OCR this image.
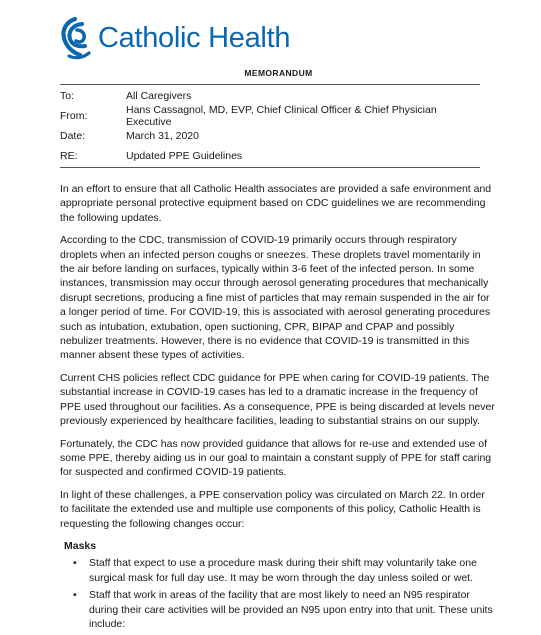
Catholic Health
MEMORANDUM
To:	All Caregivers
From:	Hans Cassagnol, MD, EVP, Chief Clinical Officer & Chief Physician Executive
Date:	March 31, 2020
RE:	Updated PPE Guidelines

In an effort to ensure that all Catholic Health associates are provided a safe environment and appropriate personal protective equipment based on CDC guidelines we are recommending the following updates.

According to the CDC, transmission of COVID-19 primarily occurs through respiratory droplets when an infected person coughs or sneezes. These droplets travel momentarily in the air before landing on surfaces, typically within 3-6 feet of the infected person. In some instances, transmission may occur through aerosol generating procedures that mechanically disrupt secretions, producing a fine mist of particles that may remain suspended in the air for a longer period of time. For COVID-19, this is associated with aerosol generating procedures such as intubation, extubation, open suctioning, CPR, BIPAP and CPAP and possibly nebulizer treatments. However, there is no evidence that COVID-19 is transmitted in this manner absent these types of activities.

Current CHS policies reflect CDC guidance for PPE when caring for COVID-19 patients. The substantial increase in COVID-19 cases has led to a dramatic increase in the frequency of PPE used throughout our facilities. As a consequence, PPE is being discarded at levels never previously experienced by healthcare facilities, leading to substantial strains on our supply.

Fortunately, the CDC has now provided guidance that allows for re-use and extended use of some PPE, thereby aiding us in our goal to maintain a constant supply of PPE for staff caring for suspected and confirmed COVID-19 patients.

In light of these challenges, a PPE conservation policy was circulated on March 22. In order to facilitate the extended use and multiple use components of this policy, Catholic Health is requesting the following changes occur:

Masks
• Staff that expect to use a procedure mask during their shift may voluntarily take one surgical mask for full day use. It may be worn through the day unless soiled or wet.
• Staff that work in areas of the facility that are most likely to need an N95 respirator during their care activities will be provided an N95 upon entry into that unit. These units include:
